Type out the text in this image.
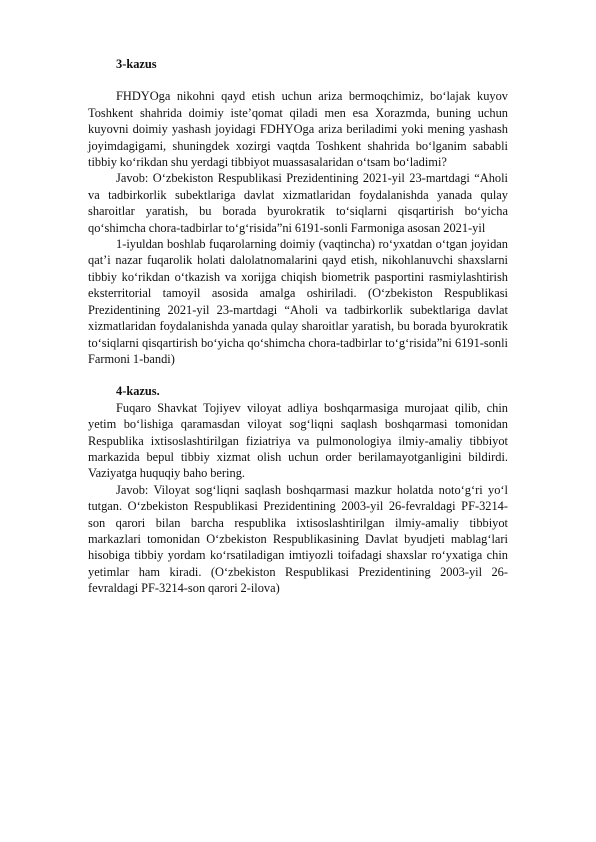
3-kazus

FHDYOga nikohni qayd etish uchun ariza bermoqchimiz, bo‘lajak kuyov Toshkent shahrida doimiy iste’qomat qiladi men esa Xorazmda, buning uchun kuyovni doimiy yashash joyidagi FDHYOga ariza beriladimi yoki mening yashash joyimdagigami, shuningdek xozirgi vaqtda Toshkent shahrida bo‘lganim sababli tibbiy ko‘rikdan shu yerdagi tibbiyot muassasalaridan o‘tsam bo‘ladimi?

Javob: O‘zbekiston Respublikasi Prezidentining 2021-yil 23-martdagi “Aholi va tadbirkorlik subektlariga davlat xizmatlaridan foydalanishda yanada qulay sharoitlar yaratish, bu borada byurokratik to‘siqlarni qisqartirish bo‘yicha qo‘shimcha chora-tadbirlar to‘g‘risida”ni 6191-sonli Farmoniga asosan 2021-yil

1-iyuldan boshlab fuqarolarning doimiy (vaqtincha) ro‘yxatdan o‘tgan joyidan qat’i nazar fuqarolik holati dalolatnomalarini qayd etish, nikohlanuvchi shaxslarni tibbiy ko‘rikdan o‘tkazish va xorijga chiqish biometrik pasportini rasmiylashtirish eksterritorial tamoyil asosida amalga oshiriladi. (O‘zbekiston Respublikasi Prezidentining 2021-yil 23-martdagi “Aholi va tadbirkorlik subektlariga davlat xizmatlaridan foydalanishda yanada qulay sharoitlar yaratish, bu borada byurokratik to‘siqlarni qisqartirish bo‘yicha qo‘shimcha chora-tadbirlar to‘g‘risida”ni 6191-sonli Farmoni 1-bandi)

4-kazus.

Fuqaro Shavkat Tojiyev viloyat adliya boshqarmasiga murojaat qilib, chin yetim bo‘lishiga qaramasdan viloyat sog‘liqni saqlash boshqarmasi tomonidan Respublika ixtisoslashtirilgan fiziatriya va pulmonologiya ilmiy-amaliy tibbiyot markazida bepul tibbiy xizmat olish uchun order berilamayotganligini bildirdi. Vaziyatga huquqiy baho bering.

Javob: Viloyat sog‘liqni saqlash boshqarmasi mazkur holatda noto‘g‘ri yo‘l tutgan. O‘zbekiston Respublikasi Prezidentining 2003-yil 26-fevraldagi PF-3214-son qarori bilan barcha respublika ixtisoslashtirilgan ilmiy-amaliy tibbiyot markazlari tomonidan O‘zbekiston Respublikasining Davlat byudjeti mablag‘lari hisobiga tibbiy yordam ko‘rsatiladigan imtiyozli toifadagi shaxslar ro‘yxatiga chin yetimlar ham kiradi. (O‘zbekiston Respublikasi Prezidentining 2003-yil 26-fevraldagi PF-3214-son qarori 2-ilova)
